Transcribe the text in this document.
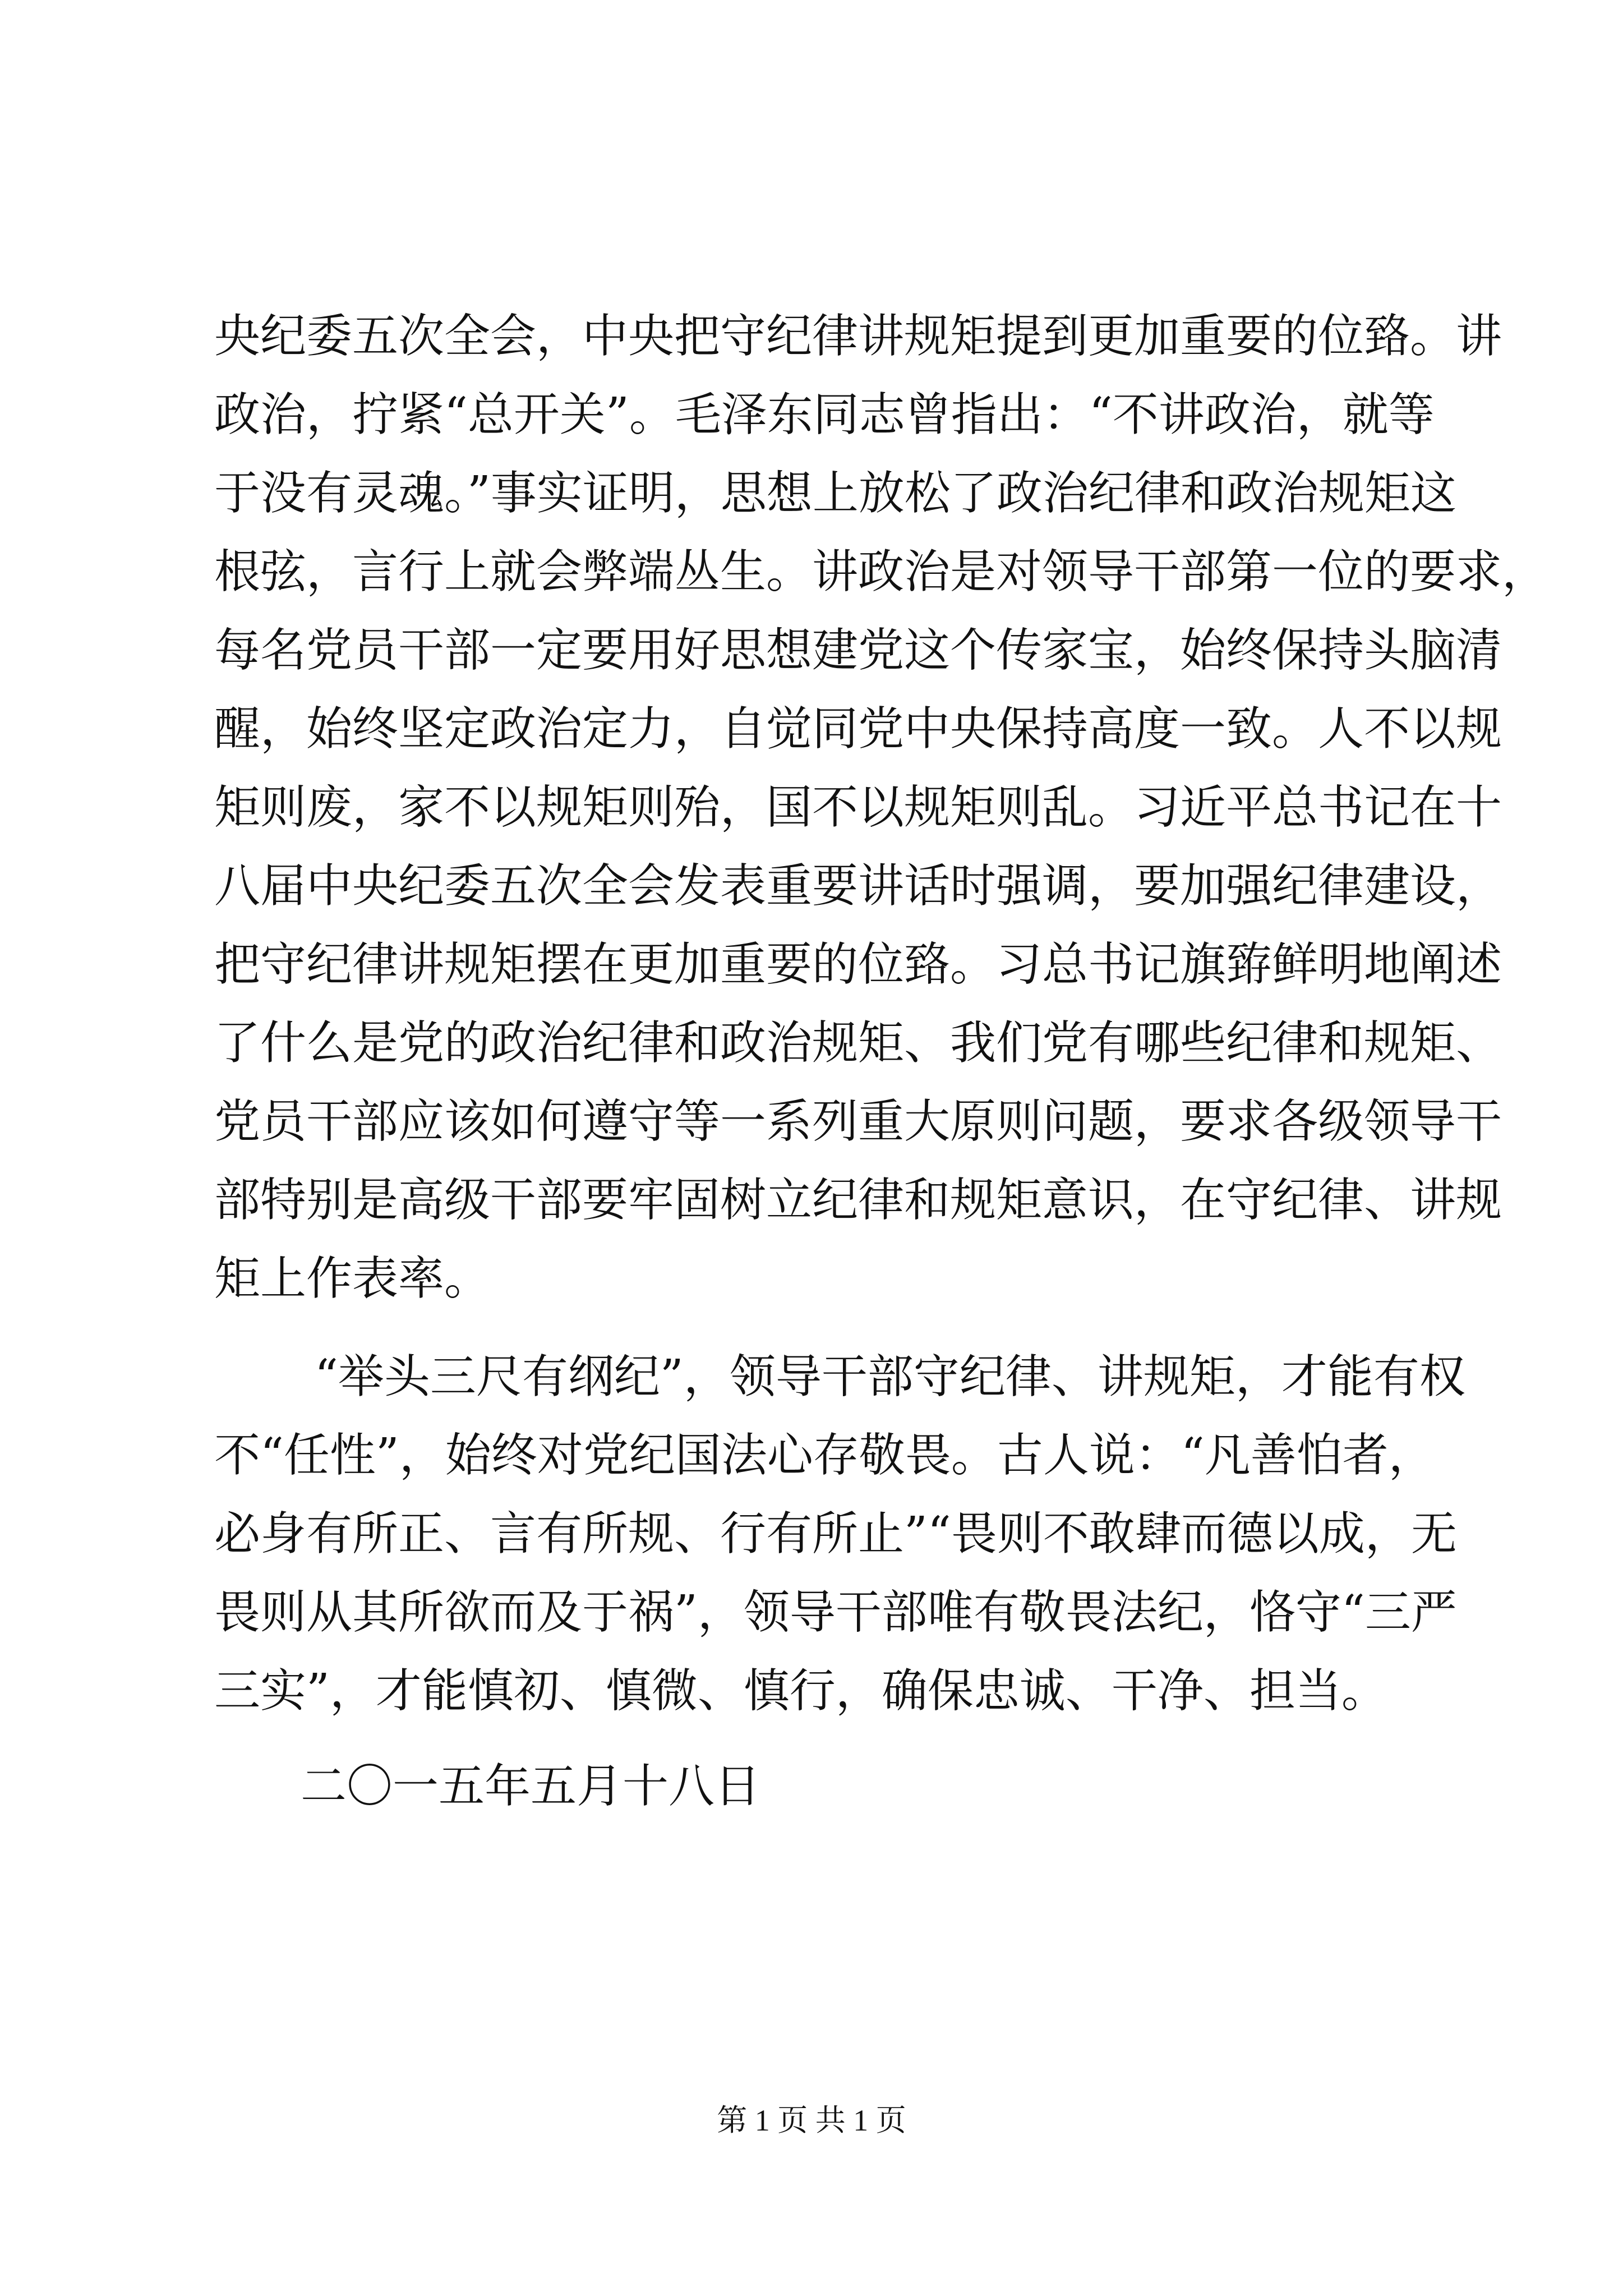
央纪委五次全会，中央把守纪律讲规矩提到更加重要的位臵。讲
政治，拧紧“总开关”。毛泽东同志曾指出：“不讲政治，就等
于没有灵魂。”事实证明，思想上放松了政治纪律和政治规矩这
根弦，言行上就会弊端丛生。讲政治是对领导干部第一位的要求，
每名党员干部一定要用好思想建党这个传家宝，始终保持头脑清
醒，始终坚定政治定力，自觉同党中央保持高度一致。人不以规
矩则废，家不以规矩则殆，国不以规矩则乱。习近平总书记在十
八届中央纪委五次全会发表重要讲话时强调，要加强纪律建设，
把守纪律讲规矩摆在更加重要的位臵。习总书记旗臶鲜明地阐述
了什么是党的政治纪律和政治规矩、我们党有哪些纪律和规矩、
党员干部应该如何遵守等一系列重大原则问题，要求各级领导干
部特别是高级干部要牢固树立纪律和规矩意识，在守纪律、讲规
矩上作表率。
“举头三尺有纲纪”，领导干部守纪律、讲规矩，才能有权
不“任性”，始终对党纪国法心存敬畏。古人说：“凡善怕者，
必身有所正、言有所规、行有所止”“畏则不敢肆而德以成，无
畏则从其所欲而及于祸”，领导干部唯有敬畏法纪，恪守“三严
三实”，才能慎初、慎微、慎行，确保忠诚、干净、担当。
二〇一五年五月十八日
第 1 页 共 1 页
